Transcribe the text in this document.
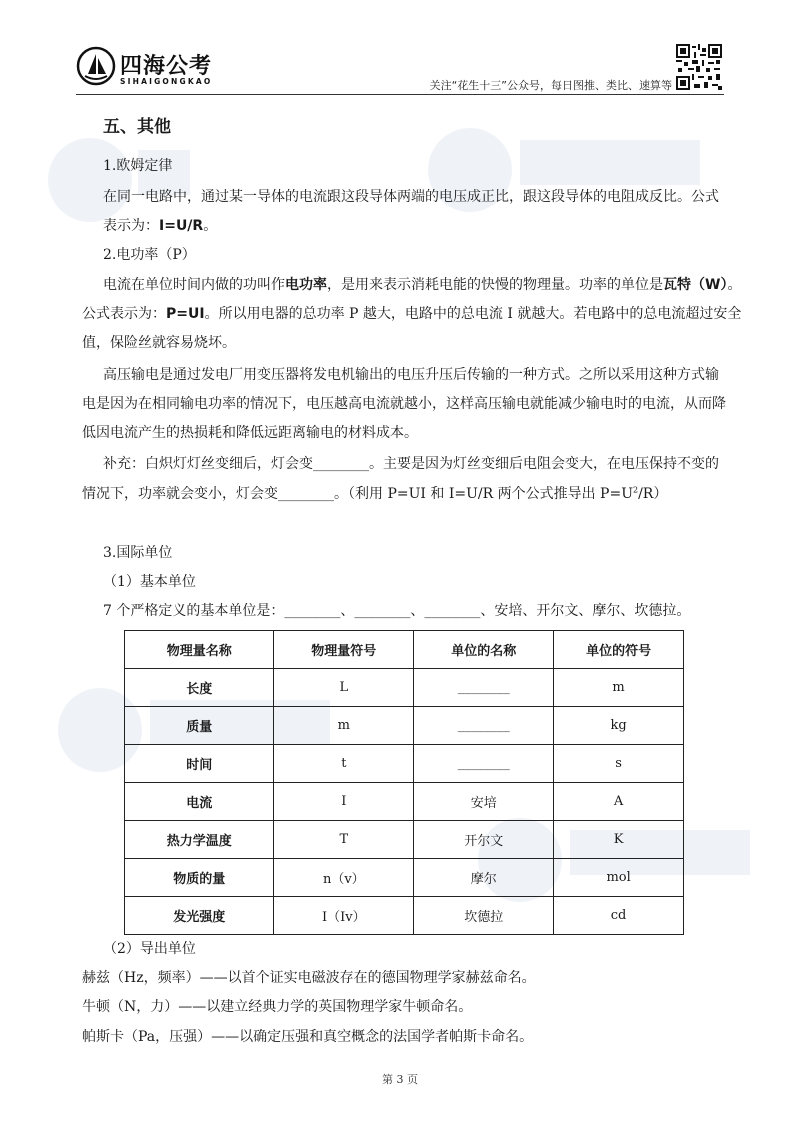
四海公考
SIHAIGONGKAO	关注“花生十三”公众号，每日图推、类比、速算等
五、其他
1.欧姆定律
在同一电路中，通过某一导体的电流跟这段导体两端的电压成正比，跟这段导体的电阻成反比。公式
表示为：I=U/R。
2.电功率（P）
电流在单位时间内做的功叫作电功率，是用来表示消耗电能的快慢的物理量。功率的单位是瓦特（W）。
公式表示为：P=UI。所以用电器的总功率 P 越大，电路中的总电流 I 就越大。若电路中的总电流超过安全
值，保险丝就容易烧坏。
高压输电是通过发电厂用变压器将发电机输出的电压升压后传输的一种方式。之所以采用这种方式输
电是因为在相同输电功率的情况下，电压越高电流就越小，这样高压输电就能减少输电时的电流，从而降
低因电流产生的热损耗和降低远距离输电的材料成本。
补充：白炽灯灯丝变细后，灯会变________。主要是因为灯丝变细后电阻会变大，在电压保持不变的
情况下，功率就会变小，灯会变________。（利用 P=UI 和 I=U/R 两个公式推导出 $P=U^2/R$）
3.国际单位
（1）基本单位
7 个严格定义的基本单位是：________、________、________、安培、开尔文、摩尔、坎德拉。
物理量名称	物理量符号	单位的名称	单位的符号
长度	L	________	m
质量	m	________	kg
时间	t	________	s
电流	I	安培	A
热力学温度	T	开尔文	K
物质的量	n（v）	摩尔	mol
发光强度	I（Iv）	坎德拉	cd
（2）导出单位
赫兹（Hz，频率）——以首个证实电磁波存在的德国物理学家赫兹命名。
牛顿（N，力）——以建立经典力学的英国物理学家牛顿命名。
帕斯卡（Pa，压强）——以确定压强和真空概念的法国学者帕斯卡命名。
第 3 页
